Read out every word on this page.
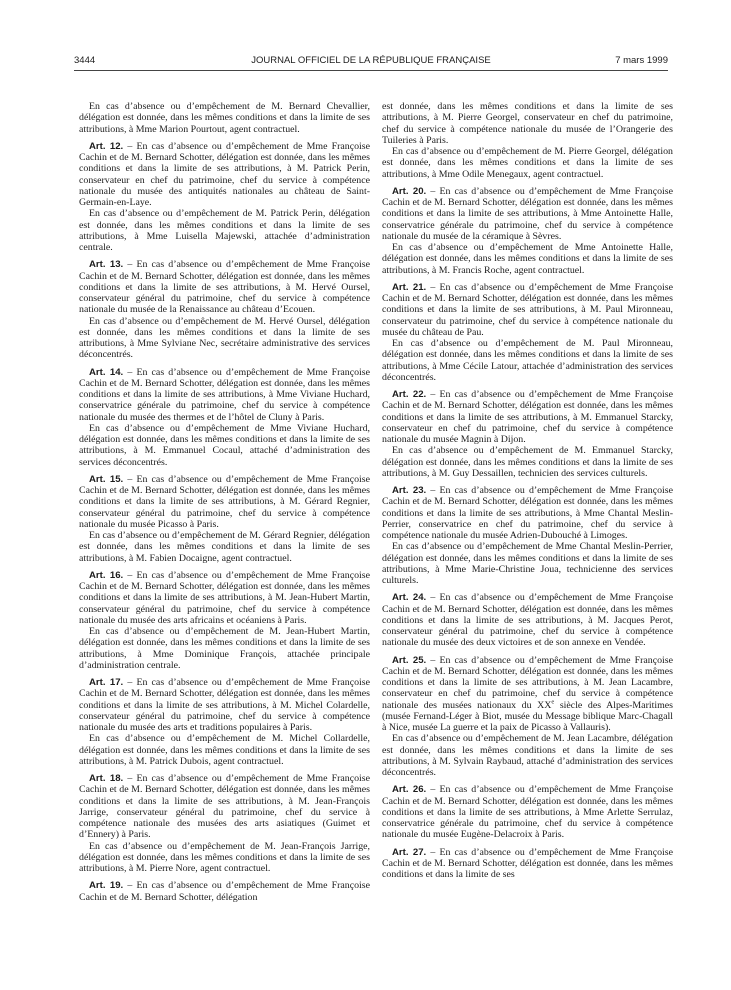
3444	JOURNAL OFFICIEL DE LA RÉPUBLIQUE FRANÇAISE	7 mars 1999

En cas d’absence ou d’empêchement de M. Bernard Chevallier, délégation est donnée, dans les mêmes conditions et dans la limite de ses attributions, à Mme Marion Pourtout, agent contractuel.

Art. 12. – En cas d’absence ou d’empêchement de Mme Françoise Cachin et de M. Bernard Schotter, délégation est donnée, dans les mêmes conditions et dans la limite de ses attributions, à M. Patrick Perin, conservateur en chef du patrimoine, chef du service à compétence nationale du musée des antiquités nationales au château de Saint-Germain-en-Laye.

En cas d’absence ou d’empêchement de M. Patrick Perin, délégation est donnée, dans les mêmes conditions et dans la limite de ses attributions, à Mme Luisella Majewski, attachée d’administration centrale.

Art. 13. – En cas d’absence ou d’empêchement de Mme Françoise Cachin et de M. Bernard Schotter, délégation est donnée, dans les mêmes conditions et dans la limite de ses attributions, à M. Hervé Oursel, conservateur général du patrimoine, chef du service à compétence nationale du musée de la Renaissance au château d’Ecouen.

En cas d’absence ou d’empêchement de M. Hervé Oursel, délégation est donnée, dans les mêmes conditions et dans la limite de ses attributions, à Mme Sylviane Nec, secrétaire administrative des services déconcentrés.

Art. 14. – En cas d’absence ou d’empêchement de Mme Françoise Cachin et de M. Bernard Schotter, délégation est donnée, dans les mêmes conditions et dans la limite de ses attributions, à Mme Viviane Huchard, conservatrice générale du patrimoine, chef du service à compétence nationale du musée des thermes et de l’hôtel de Cluny à Paris.

En cas d’absence ou d’empêchement de Mme Viviane Huchard, délégation est donnée, dans les mêmes conditions et dans la limite de ses attributions, à M. Emmanuel Cocaul, attaché d’administration des services déconcentrés.

Art. 15. – En cas d’absence ou d’empêchement de Mme Françoise Cachin et de M. Bernard Schotter, délégation est donnée, dans les mêmes conditions et dans la limite de ses attributions, à M. Gérard Regnier, conservateur général du patrimoine, chef du service à compétence nationale du musée Picasso à Paris.

En cas d’absence ou d’empêchement de M. Gérard Regnier, délégation est donnée, dans les mêmes conditions et dans la limite de ses attributions, à M. Fabien Docaigne, agent contractuel.

Art. 16. – En cas d’absence ou d’empêchement de Mme Françoise Cachin et de M. Bernard Schotter, délégation est donnée, dans les mêmes conditions et dans la limite de ses attributions, à M. Jean-Hubert Martin, conservateur général du patrimoine, chef du service à compétence nationale du musée des arts africains et océaniens à Paris.

En cas d’absence ou d’empêchement de M. Jean-Hubert Martin, délégation est donnée, dans les mêmes conditions et dans la limite de ses attributions, à Mme Dominique François, attachée principale d’administration centrale.

Art. 17. – En cas d’absence ou d’empêchement de Mme Françoise Cachin et de M. Bernard Schotter, délégation est donnée, dans les mêmes conditions et dans la limite de ses attributions, à M. Michel Colardelle, conservateur général du patrimoine, chef du service à compétence nationale du musée des arts et traditions populaires à Paris.

En cas d’absence ou d’empêchement de M. Michel Collardelle, délégation est donnée, dans les mêmes conditions et dans la limite de ses attributions, à M. Patrick Dubois, agent contractuel.

Art. 18. – En cas d’absence ou d’empêchement de Mme Françoise Cachin et de M. Bernard Schotter, délégation est donnée, dans les mêmes conditions et dans la limite de ses attributions, à M. Jean-François Jarrige, conservateur général du patrimoine, chef du service à compétence nationale des musées des arts asiatiques (Guimet et d’Ennery) à Paris.

En cas d’absence ou d’empêchement de M. Jean-François Jarrige, délégation est donnée, dans les mêmes conditions et dans la limite de ses attributions, à M. Pierre Nore, agent contractuel.

Art. 19. – En cas d’absence ou d’empêchement de Mme Françoise Cachin et de M. Bernard Schotter, délégation

est donnée, dans les mêmes conditions et dans la limite de ses attributions, à M. Pierre Georgel, conservateur en chef du patrimoine, chef du service à compétence nationale du musée de l’Orangerie des Tuileries à Paris.

En cas d’absence ou d’empêchement de M. Pierre Georgel, délégation est donnée, dans les mêmes conditions et dans la limite de ses attributions, à Mme Odile Menegaux, agent contractuel.

Art. 20. – En cas d’absence ou d’empêchement de Mme Françoise Cachin et de M. Bernard Schotter, délégation est donnée, dans les mêmes conditions et dans la limite de ses attributions, à Mme Antoinette Halle, conservatrice générale du patrimoine, chef du service à compétence nationale du musée de la céramique à Sèvres.

En cas d’absence ou d’empêchement de Mme Antoinette Halle, délégation est donnée, dans les mêmes conditions et dans la limite de ses attributions, à M. Francis Roche, agent contractuel.

Art. 21. – En cas d’absence ou d’empêchement de Mme Françoise Cachin et de M. Bernard Schotter, délégation est donnée, dans les mêmes conditions et dans la limite de ses attributions, à M. Paul Mironneau, conservateur du patrimoine, chef du service à compétence nationale du musée du château de Pau.

En cas d’absence ou d’empêchement de M. Paul Mironneau, délégation est donnée, dans les mêmes conditions et dans la limite de ses attributions, à Mme Cécile Latour, attachée d’administration des services déconcentrés.

Art. 22. – En cas d’absence ou d’empêchement de Mme Françoise Cachin et de M. Bernard Schotter, délégation est donnée, dans les mêmes conditions et dans la limite de ses attributions, à M. Emmanuel Starcky, conservateur en chef du patrimoine, chef du service à compétence nationale du musée Magnin à Dijon.

En cas d’absence ou d’empêchement de M. Emmanuel Starcky, délégation est donnée, dans les mêmes conditions et dans la limite de ses attributions, à M. Guy Dessaillen, technicien des services culturels.

Art. 23. – En cas d’absence ou d’empêchement de Mme Françoise Cachin et de M. Bernard Schotter, délégation est donnée, dans les mêmes conditions et dans la limite de ses attributions, à Mme Chantal Meslin-Perrier, conservatrice en chef du patrimoine, chef du service à compétence nationale du musée Adrien-Dubouché à Limoges.

En cas d’absence ou d’empêchement de Mme Chantal Meslin-Perrier, délégation est donnée, dans les mêmes conditions et dans la limite de ses attributions, à Mme Marie-Christine Joua, technicienne des services culturels.

Art. 24. – En cas d’absence ou d’empêchement de Mme Françoise Cachin et de M. Bernard Schotter, délégation est donnée, dans les mêmes conditions et dans la limite de ses attributions, à M. Jacques Perot, conservateur général du patrimoine, chef du service à compétence nationale du musée des deux victoires et de son annexe en Vendée.

Art. 25. – En cas d’absence ou d’empêchement de Mme Françoise Cachin et de M. Bernard Schotter, délégation est donnée, dans les mêmes conditions et dans la limite de ses attributions, à M. Jean Lacambre, conservateur en chef du patrimoine, chef du service à compétence nationale des musées nationaux du XXe siècle des Alpes-Maritimes (musée Fernand-Léger à Biot, musée du Message biblique Marc-Chagall à Nice, musée La guerre et la paix de Picasso à Vallauris).

En cas d’absence ou d’empêchement de M. Jean Lacambre, délégation est donnée, dans les mêmes conditions et dans la limite de ses attributions, à M. Sylvain Raybaud, attaché d’administration des services déconcentrés.

Art. 26. – En cas d’absence ou d’empêchement de Mme Françoise Cachin et de M. Bernard Schotter, délégation est donnée, dans les mêmes conditions et dans la limite de ses attributions, à Mme Arlette Serrulaz, conservatrice générale du patrimoine, chef du service à compétence nationale du musée Eugène-Delacroix à Paris.

Art. 27. – En cas d’absence ou d’empêchement de Mme Françoise Cachin et de M. Bernard Schotter, délégation est donnée, dans les mêmes conditions et dans la limite de ses
